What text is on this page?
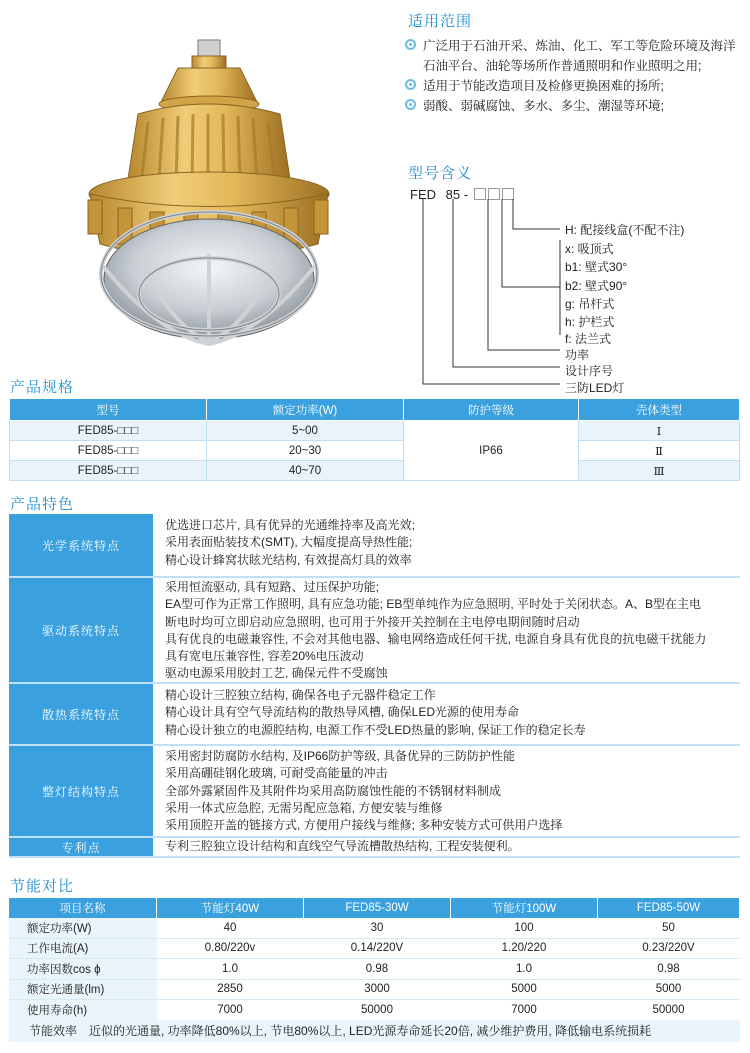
适用范围
广泛用于石油开采、炼油、化工、军工等危险环境及海洋石油平台、油轮等场所作普通照明和作业照明之用;
适用于节能改造项目及检修更换困难的扬所;
弱酸、弱碱腐蚀、多水、多尘、潮湿等环境;
型号含义
FED 85 -
H: 配接线盒(不配不注)
x: 吸顶式
b1: 壁式30°
b2: 壁式90°
g: 吊杆式
h: 护栏式
f: 法兰式
功率
设计序号
三防LED灯
产品规格
型号	额定功率(W)	防护等级	壳体类型
FED85-□□□	5~00	IP66	Ⅰ
FED85-□□□	20~30		Ⅱ
FED85-□□□	40~70		Ⅲ
产品特色
光学系统特点
优选进口芯片, 具有优异的光通维持率及高光效;
采用表面贴装技术(SMT), 大幅度提高导热性能;
精心设计蜂窝状眩光结构, 有效提高灯具的效率
驱动系统特点
采用恒流驱动, 具有短路、过压保护功能;
EA型可作为正常工作照明, 具有应急功能; EB型单纯作为应急照明, 平时处于关闭状态。A、B型在主电
断电时均可立即启动应急照明, 也可用于外接开关控制在主电停电期间随时启动
具有优良的电磁兼容性, 不会对其他电器、输电网络造成任何干扰, 电源自身具有优良的抗电磁干扰能力
具有宽电压兼容性, 容差20%电压波动
驱动电源采用胶封工艺, 确保元件不受腐蚀
散热系统特点
精心设计三腔独立结构, 确保各电子元器件稳定工作
精心设计具有空气导流结构的散热导风槽, 确保LED光源的使用寿命
精心设计独立的电源腔结构, 电源工作不受LED热量的影响, 保证工作的稳定长寿
整灯结构特点
采用密封防腐防水结构, 及IP66防护等级, 具备优异的三防防护性能
采用高硼硅钢化玻璃, 可耐受高能量的冲击
全部外露紧固件及其附件均采用高防腐蚀性能的不锈钢材料制成
采用一体式应急腔, 无需另配应急箱, 方便安装与维修
采用顶腔开盖的链接方式, 方便用户接线与维修; 多种安装方式可供用户选择
专利点	专利三腔独立设计结构和直线空气导流槽散热结构, 工程安装便利。
节能对比
项目名称	节能灯40W	FED85-30W	节能灯100W	FED85-50W
额定功率(W)	40	30	100	50
工作电流(A)	0.80/220v	0.14/220V	1.20/220	0.23/220V
功率因数cos ϕ	1.0	0.98	1.0	0.98
额定光通量(lm)	2850	3000	5000	5000
使用寿命(h)	7000	50000	7000	50000
节能效率 近似的光通量, 功率降低80%以上, 节电80%以上, LED光源寿命延长20倍, 减少维护费用, 降低输电系统损耗
